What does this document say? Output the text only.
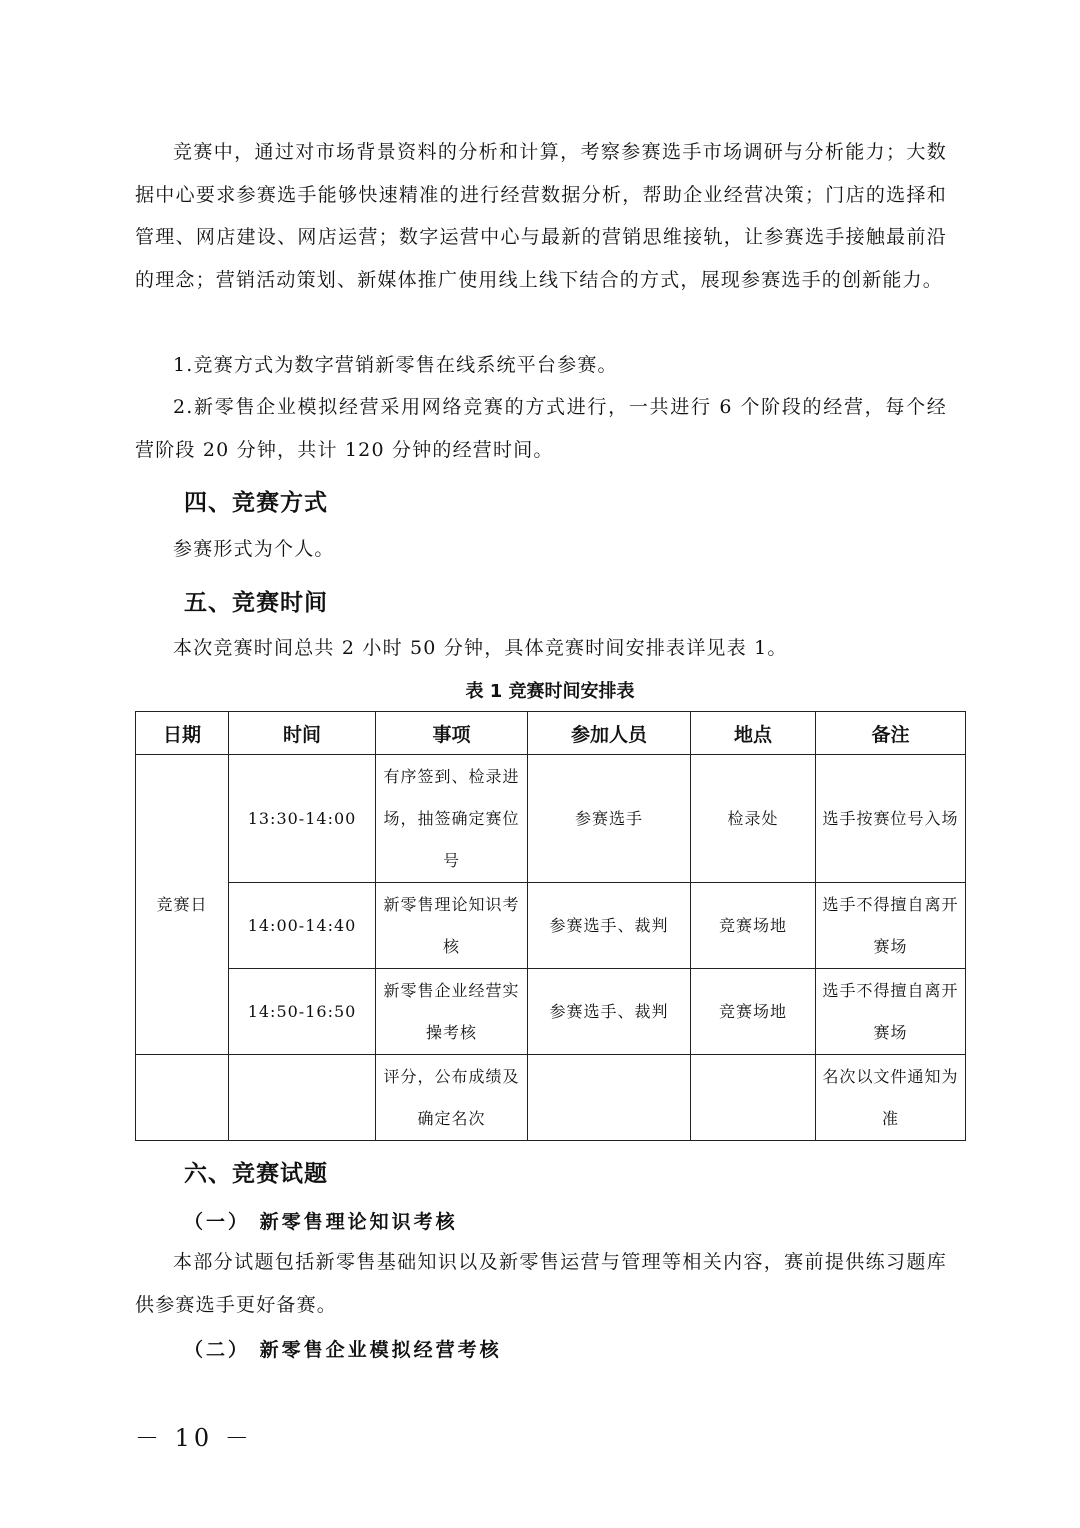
竞赛中，通过对市场背景资料的分析和计算，考察参赛选手市场调研与分析能力；大数据中心要求参赛选手能够快速精准的进行经营数据分析，帮助企业经营决策；门店的选择和管理、网店建设、网店运营；数字运营中心与最新的营销思维接轨，让参赛选手接触最前沿的理念；营销活动策划、新媒体推广使用线上线下结合的方式，展现参赛选手的创新能力。

1.竞赛方式为数字营销新零售在线系统平台参赛。

2.新零售企业模拟经营采用网络竞赛的方式进行，一共进行 6 个阶段的经营，每个经营阶段 20 分钟，共计 120 分钟的经营时间。

四、竞赛方式

参赛形式为个人。

五、竞赛时间

本次竞赛时间总共 2 小时 50 分钟，具体竞赛时间安排表详见表 1。

表 1 竞赛时间安排表
日期	时间	事项	参加人员	地点	备注
竞赛日	13:30-14:00	有序签到、检录进场，抽签确定赛位号	参赛选手	检录处	选手按赛位号入场
	14:00-14:40	新零售理论知识考核	参赛选手、裁判	竞赛场地	选手不得擅自离开赛场
	14:50-16:50	新零售企业经营实操考核	参赛选手、裁判	竞赛场地	选手不得擅自离开赛场
		评分，公布成绩及确定名次			名次以文件通知为准
六、竞赛试题
（一） 新零售理论知识考核

本部分试题包括新零售基础知识以及新零售运营与管理等相关内容，赛前提供练习题库供参赛选手更好备赛。

（二） 新零售企业模拟经营考核
－ 10 －
